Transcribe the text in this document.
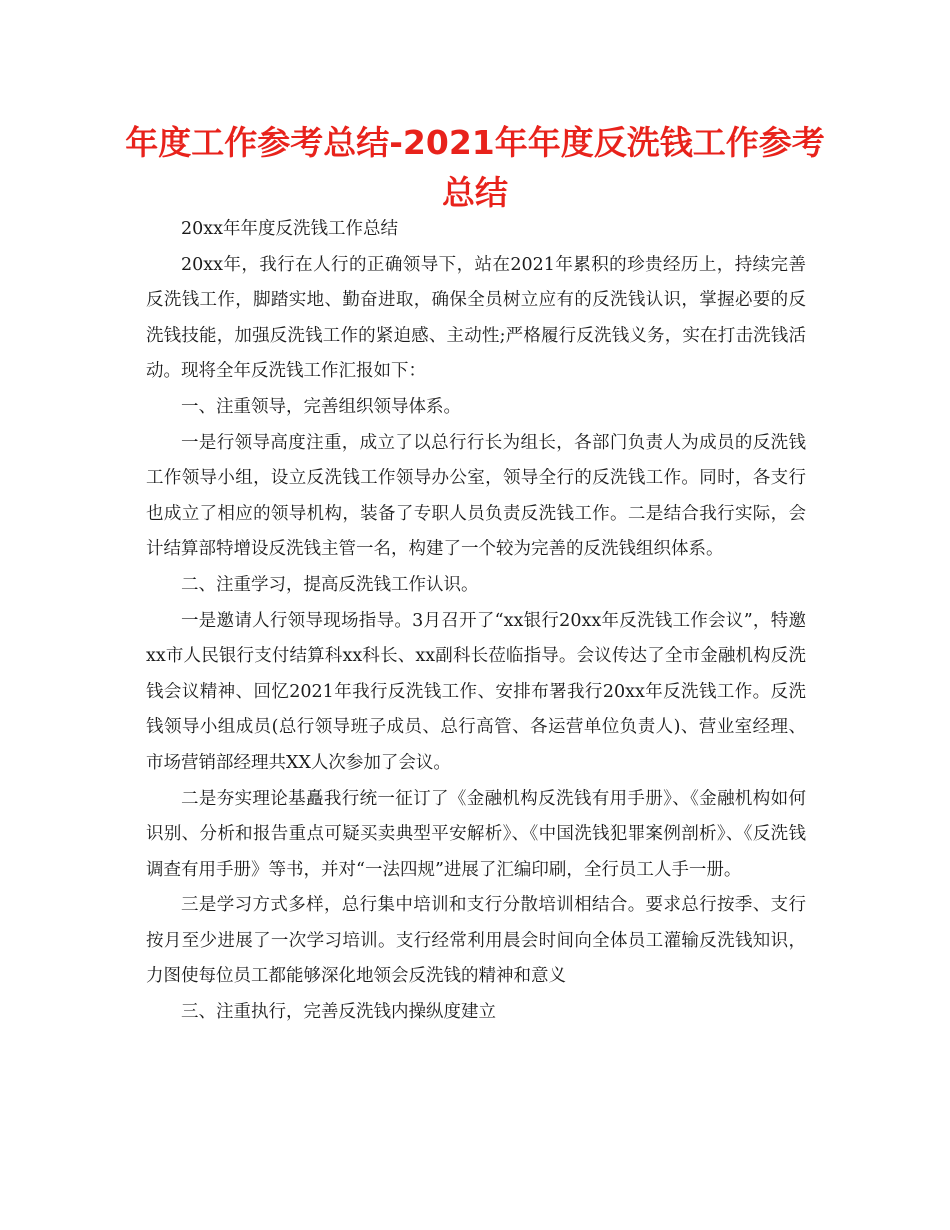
年度工作参考总结-2021年年度反洗钱工作参考总结

20xx年年度反洗钱工作总结

20xx年，我行在人行的正确领导下，站在2021年累积的珍贵经历上，持续完善反洗钱工作，脚踏实地、勤奋进取，确保全员树立应有的反洗钱认识，掌握必要的反洗钱技能，加强反洗钱工作的紧迫感、主动性;严格履行反洗钱义务，实在打击洗钱活动。现将全年反洗钱工作汇报如下：

一、注重领导，完善组织领导体系。

一是行领导高度注重，成立了以总行行长为组长，各部门负责人为成员的反洗钱工作领导小组，设立反洗钱工作领导办公室，领导全行的反洗钱工作。同时，各支行也成立了相应的领导机构，装备了专职人员负责反洗钱工作。二是结合我行实际，会计结算部特增设反洗钱主管一名，构建了一个较为完善的反洗钱组织体系。

二、注重学习，提高反洗钱工作认识。

一是邀请人行领导现场指导。3月召开了“xx银行20xx年反洗钱工作会议”，特邀xx市人民银行支付结算科xx科长、xx副科长莅临指导。会议传达了全市金融机构反洗钱会议精神、回忆2021年我行反洗钱工作、安排布署我行20xx年反洗钱工作。反洗钱领导小组成员(总行领导班子成员、总行高管、各运营单位负责人)、营业室经理、市场营销部经理共XX人次参加了会议。

二是夯实理论基矗我行统一征订了《金融机构反洗钱有用手册》、《金融机构如何识别、分析和报告重点可疑买卖典型平安解析》、《中国洗钱犯罪案例剖析》、《反洗钱调查有用手册》等书，并对“一法四规”进展了汇编印刷，全行员工人手一册。

三是学习方式多样，总行集中培训和支行分散培训相结合。要求总行按季、支行按月至少进展了一次学习培训。支行经常利用晨会时间向全体员工灌输反洗钱知识，力图使每位员工都能够深化地领会反洗钱的精神和意义

三、注重执行，完善反洗钱内操纵度建立
